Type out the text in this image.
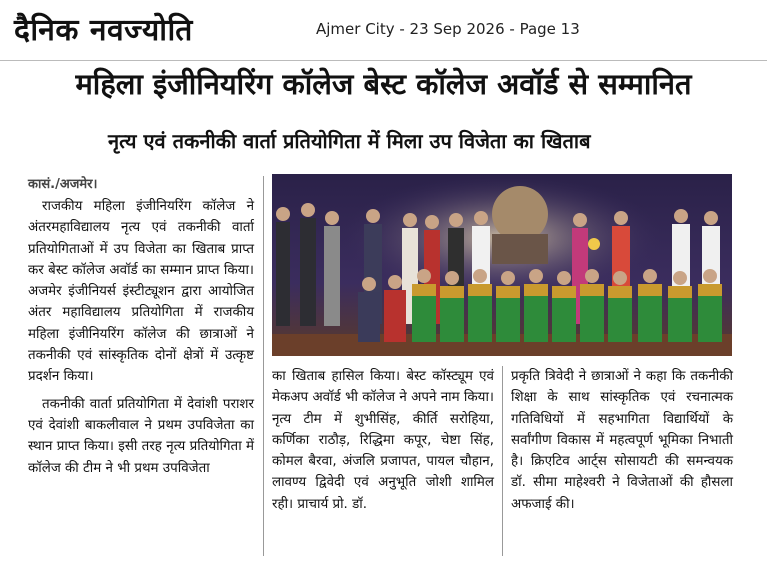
दैनिक नवज्योति	Ajmer City - 23 Sep 2026 - Page 13
महिला इंजीनियरिंग कॉलेज बेस्ट कॉलेज अवॉर्ड से सम्मानित
नृत्य एवं तकनीकी वार्ता प्रतियोगिता में मिला उप विजेता का खिताब
कासं./अजमेर।

राजकीय महिला इंजीनियरिंग कॉलेज ने अंतरमहाविद्यालय नृत्य एवं तकनीकी वार्ता प्रतियोगिताओं में उप विजेता का खिताब प्राप्त कर बेस्ट कॉलेज अवॉर्ड का सम्मान प्राप्त किया। अजमेर इंजीनियर्स इंस्टीट्यूशन द्वारा आयोजित अंतर महाविद्यालय प्रतियोगिता में राजकीय महिला इंजीनियरिंग कॉलेज की छात्राओं ने तकनीकी एवं सांस्कृतिक दोनों क्षेत्रों में उत्कृष्ट प्रदर्शन किया।

तकनीकी वार्ता प्रतियोगिता में देवांशी पराशर एवं देवांशी बाकलीवाल ने प्रथम उपविजेता का स्थान प्राप्त किया। इसी तरह नृत्य प्रतियोगिता में कॉलेज की टीम ने भी प्रथम उपविजेता

का खिताब हासिल किया। बेस्ट कॉस्ट्यूम एवं मेकअप अवॉर्ड भी कॉलेज ने अपने नाम किया।नृत्य टीम में शुभीसिंह, कीर्ति सरोहिया, कर्णिका राठौड़, रिद्धिमा कपूर, चेष्टा सिंह, कोमल बैरवा, अंजलि प्रजापत, पायल चौहान, लावण्य द्विवेदी एवं अनुभूति जोशी शामिल रही। प्राचार्य प्रो. डॉ.

प्रकृति त्रिवेदी ने छात्राओं ने कहा कि तकनीकी शिक्षा के साथ सांस्कृतिक एवं रचनात्मक गतिविधियों में सहभागिता विद्यार्थियों के सर्वांगीण विकास में महत्वपूर्ण भूमिका निभाती है। क्रिएटिव आर्ट्स सोसायटी की समन्वयक डॉ. सीमा माहेश्वरी ने विजेताओं की हौसला अफजाई की।
